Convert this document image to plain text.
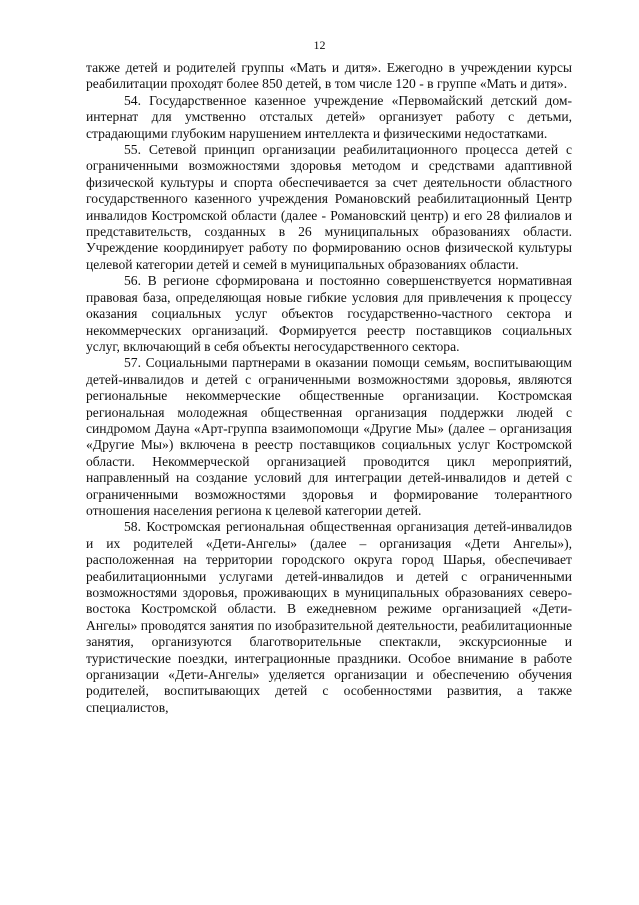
12

также детей и родителей группы «Мать и дитя». Ежегодно в учреждении курсы реабилитации проходят более 850 детей, в том числе 120 - в группе «Мать и дитя».

54. Государственное казенное учреждение «Первомайский детский дом-интернат для умственно отсталых детей» организует работу с детьми, страдающими глубоким нарушением интеллекта и физическими недостатками.

55. Сетевой принцип организации реабилитационного процесса детей с ограниченными возможностями здоровья методом и средствами адаптивной физической культуры и спорта обеспечивается за счет деятельности областного государственного казенного учреждения Романовский реабилитационный Центр инвалидов Костромской области (далее - Романовский центр) и его 28 филиалов и представительств, созданных в 26 муниципальных образованиях области. Учреждение координирует работу по формированию основ физической культуры целевой категории детей и семей в муниципальных образованиях области.

56. В регионе сформирована и постоянно совершенствуется нормативная правовая база, определяющая новые гибкие условия для привлечения к процессу оказания социальных услуг объектов государственно-частного сектора и некоммерческих организаций. Формируется реестр поставщиков социальных услуг, включающий в себя объекты негосударственного сектора.

57. Социальными партнерами в оказании помощи семьям, воспитывающим детей-инвалидов и детей с ограниченными возможностями здоровья, являются региональные некоммерческие общественные организации. Костромская региональная молодежная общественная организация поддержки людей с синдромом Дауна «Арт-группа взаимопомощи «Другие Мы» (далее – организация «Другие Мы») включена в реестр поставщиков социальных услуг Костромской области. Некоммерческой организацией проводится цикл мероприятий, направленный на создание условий для интеграции детей-инвалидов и детей с ограниченными возможностями здоровья и формирование толерантного отношения населения региона к целевой категории детей.

58. Костромская региональная общественная организация детей-инвалидов и их родителей «Дети-Ангелы» (далее – организация «Дети Ангелы»), расположенная на территории городского округа город Шарья, обеспечивает реабилитационными услугами детей-инвалидов и детей с ограниченными возможностями здоровья, проживающих в муниципальных образованиях северо-востока Костромской области. В ежедневном режиме организацией «Дети-Ангелы» проводятся занятия по изобразительной деятельности, реабилитационные занятия, организуются благотворительные спектакли, экскурсионные и туристические поездки, интеграционные праздники. Особое внимание в работе организации «Дети-Ангелы» уделяется организации и обеспечению обучения родителей, воспитывающих детей с особенностями развития, а также специалистов,
